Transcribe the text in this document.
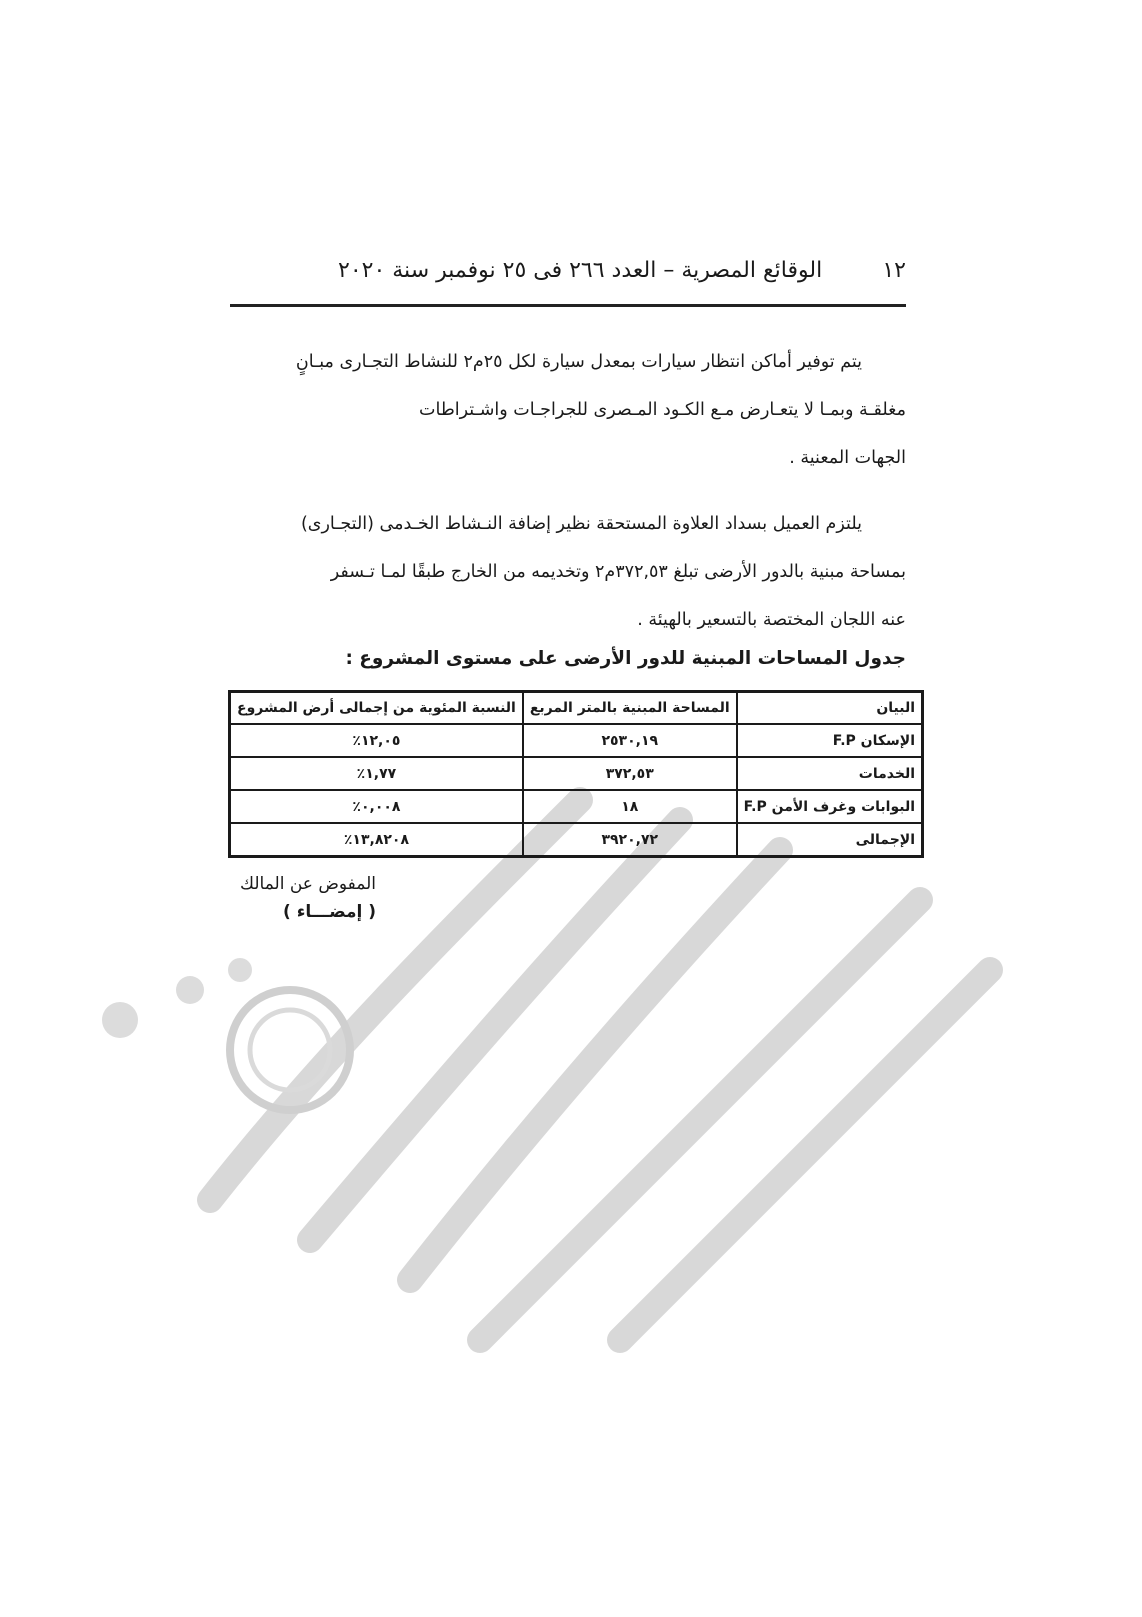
١٢
الوقائع المصرية – العدد ٢٦٦ فى ٢٥ نوفمبر سنة ٢٠٢٠
يتم توفير أماكن انتظار سيارات بمعدل سيارة لكل ٢٥م٢ للنشاط التجـارى مبـانٍ
مغلقـة وبمـا لا يتعـارض مـع الكـود المـصرى للجراجـات واشـتراطات
الجهات المعنية .
يلتزم العميل بسداد العلاوة المستحقة نظير إضافة النـشاط الخـدمى (التجـارى)
بمساحة مبنية بالدور الأرضى تبلغ ٣٧٢,٥٣م٢ وتخديمه من الخارج طبقًا لمـا تـسفر
عنه اللجان المختصة بالتسعير بالهيئة .
جدول المساحات المبنية للدور الأرضى على مستوى المشروع :
البيان	المساحة المبنية بالمتر المربع	النسبة المئوية من إجمالى أرض المشروع
الإسكان F.P	٢٥٣٠,١٩	١٢,٠٥٪
الخدمات	٣٧٢,٥٣	١,٧٧٪
البوابات وغرف الأمن F.P	١٨	٠,٠٠٨٪
الإجمالى	٣٩٢٠,٧٢	١٣,٨٢٠٨٪
المفوض عن المالك
( إمضـــاء )
